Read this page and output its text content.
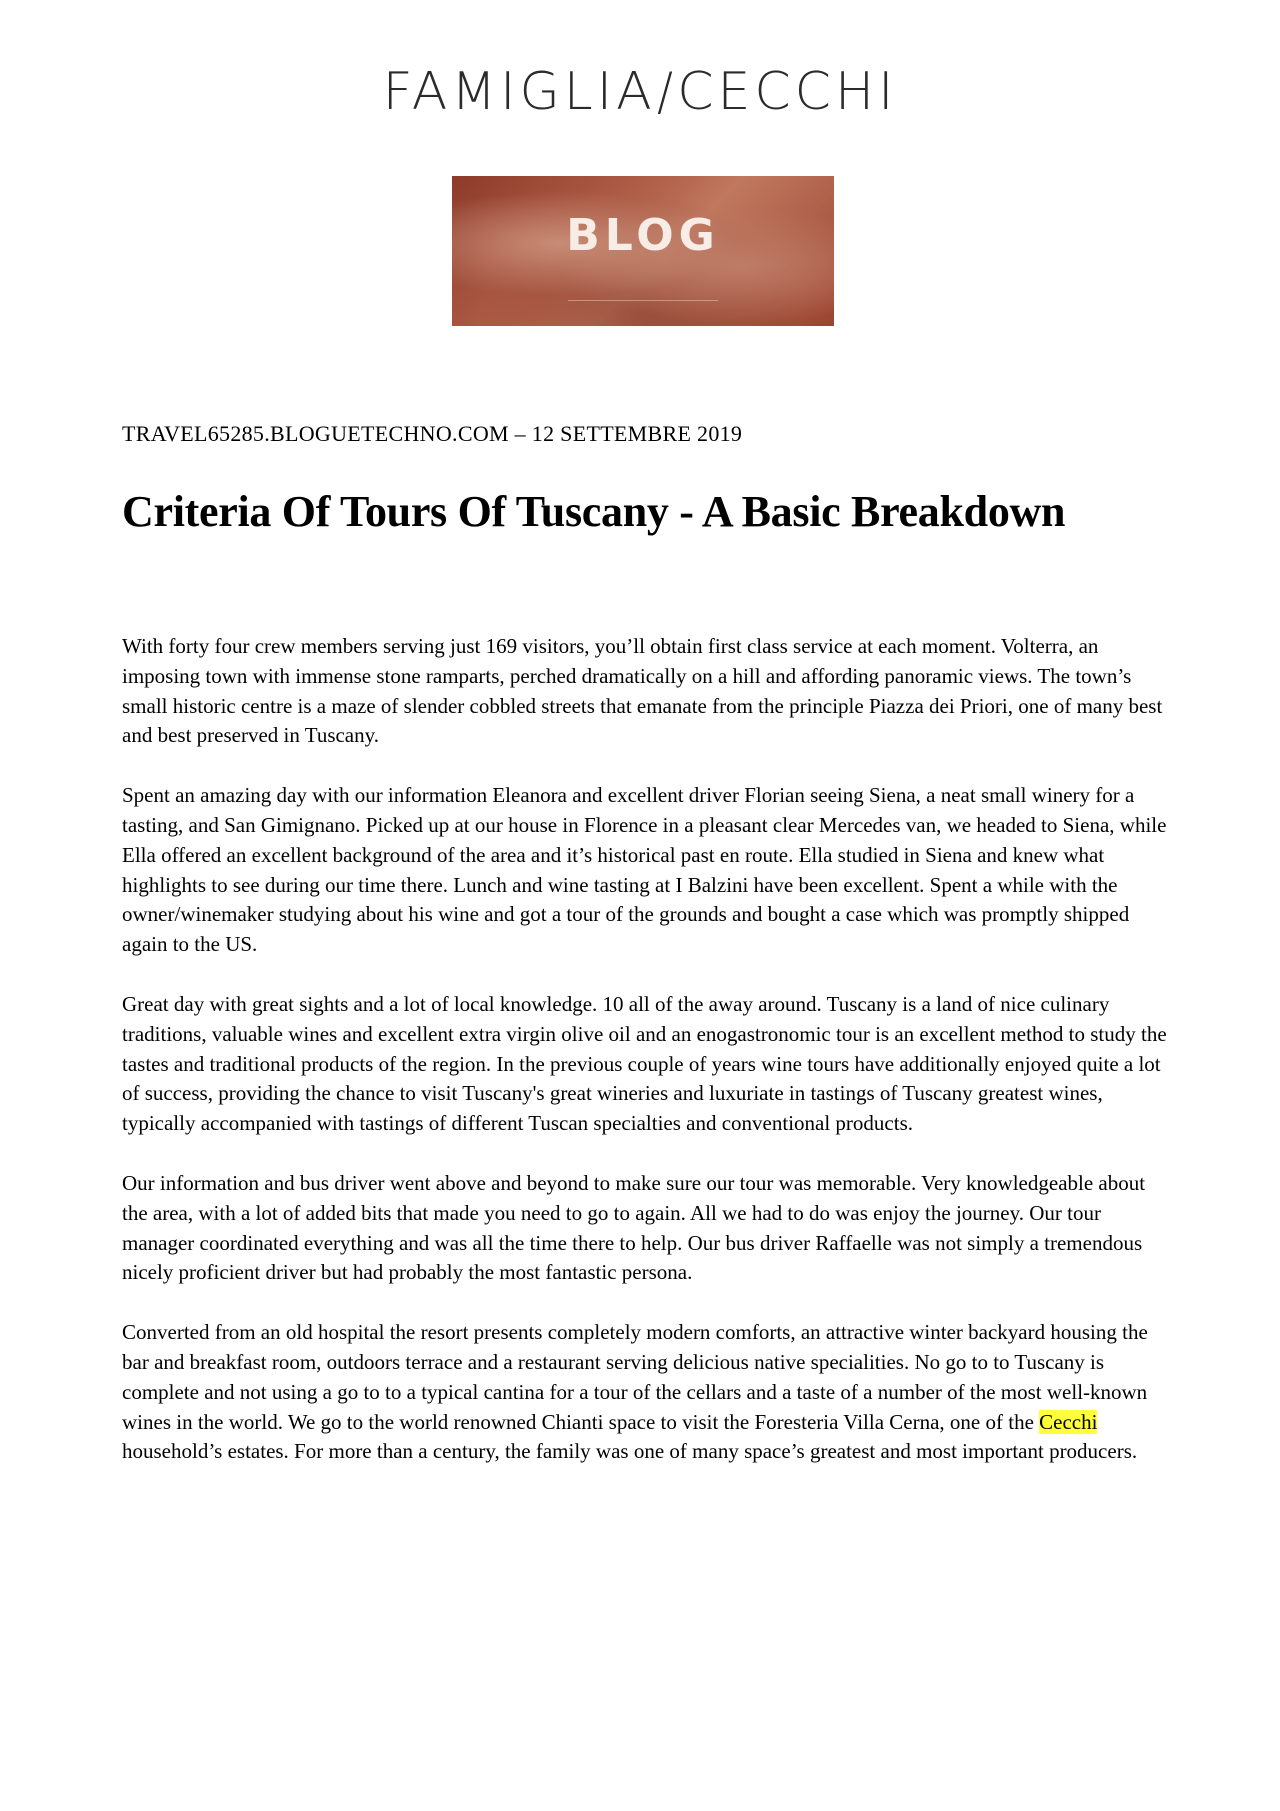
FAMIGLIA/CECCHI
BLOG
TRAVEL65285.BLOGUETECHNO.COM – 12 SETTEMBRE 2019
Criteria Of Tours Of Tuscany - A Basic Breakdown

With forty four crew members serving just 169 visitors, you’ll obtain first class service at each moment. Volterra, an imposing town with immense stone ramparts, perched dramatically on a hill and affording panoramic views. The town’s small historic centre is a maze of slender cobbled streets that emanate from the principle Piazza dei Priori, one of many best and best preserved in Tuscany.

Spent an amazing day with our information Eleanora and excellent driver Florian seeing Siena, a neat small winery for a tasting, and San Gimignano. Picked up at our house in Florence in a pleasant clear Mercedes van, we headed to Siena, while Ella offered an excellent background of the area and it’s historical past en route. Ella studied in Siena and knew what highlights to see during our time there. Lunch and wine tasting at I Balzini have been excellent. Spent a while with the owner/winemaker studying about his wine and got a tour of the grounds and bought a case which was promptly shipped again to the US.

Great day with great sights and a lot of local knowledge. 10 all of the away around. Tuscany is a land of nice culinary traditions, valuable wines and excellent extra virgin olive oil and an enogastronomic tour is an excellent method to study the tastes and traditional products of the region. In the previous couple of years wine tours have additionally enjoyed quite a lot of success, providing the chance to visit Tuscany's great wineries and luxuriate in tastings of Tuscany greatest wines, typically accompanied with tastings of different Tuscan specialties and conventional products.

Our information and bus driver went above and beyond to make sure our tour was memorable. Very knowledgeable about the area, with a lot of added bits that made you need to go to again. All we had to do was enjoy the journey. Our tour manager coordinated everything and was all the time there to help. Our bus driver Raffaelle was not simply a tremendous nicely proficient driver but had probably the most fantastic persona.

Converted from an old hospital the resort presents completely modern comforts, an attractive winter backyard housing the bar and breakfast room, outdoors terrace and a restaurant serving delicious native specialities. No go to to Tuscany is complete and not using a go to to a typical cantina for a tour of the cellars and a taste of a number of the most well-known wines in the world. We go to the world renowned Chianti space to visit the Foresteria Villa Cerna, one of the Cecchi household’s estates. For more than a century, the family was one of many space’s greatest and most important producers.
